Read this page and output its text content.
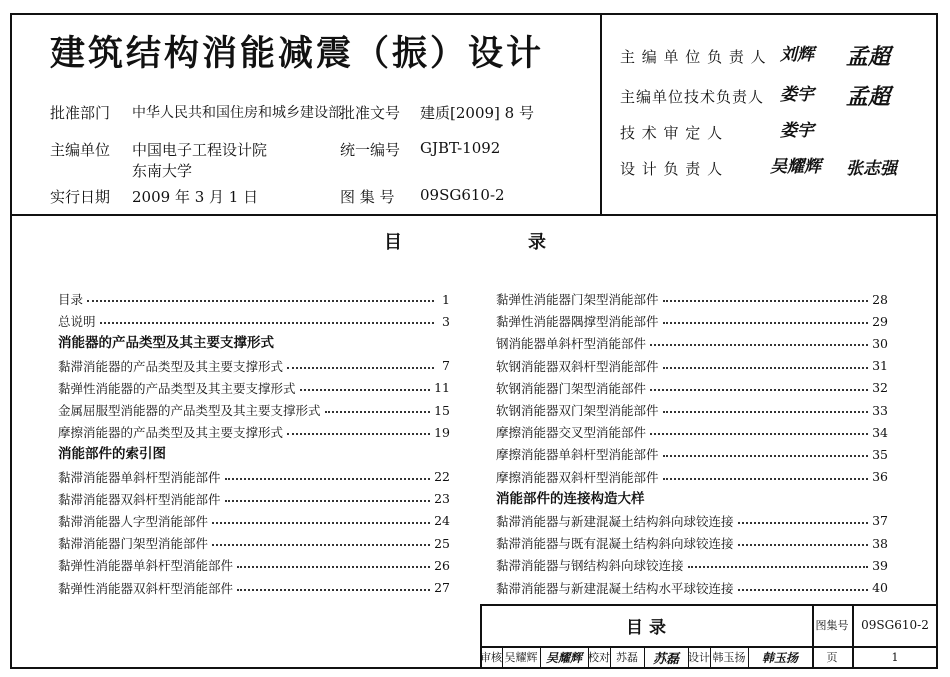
建筑结构消能减震（振）设计
批准部门 中华人民共和国住房和城乡建设部
批准文号 建质[2009] 8 号
主编单位 中国电子工程设计院
东南大学
统一编号 GJBT-1092
实行日期 2009 年 3 月 1 日	图 集 号 09SG610-2
主 编 单 位 负 责 人 刘辉 孟超
主编单位技术负责人 娄宇 孟超
技 术 审 定 人	娄宇
设 计 负 责 人	吴耀辉 张志强
目	录
目录	1
总说明	3
消能器的产品类型及其主要支撑形式
黏滞消能器的产品类型及其主要支撑形式	7
黏弹性消能器的产品类型及其主要支撑形式	11
金属屈服型消能器的产品类型及其主要支撑形式	15
摩擦消能器的产品类型及其主要支撑形式	19
消能部件的索引图
黏滞消能器单斜杆型消能部件	22
黏滞消能器双斜杆型消能部件	23
黏滞消能器人字型消能部件	24
黏滞消能器门架型消能部件	25
黏弹性消能器单斜杆型消能部件	26
黏弹性消能器双斜杆型消能部件	27
黏弹性消能器门架型消能部件	28
黏弹性消能器隅撑型消能部件	29
钢消能器单斜杆型消能部件	30
软钢消能器双斜杆型消能部件	31
软钢消能器门架型消能部件	32
软钢消能器双门架型消能部件	33
摩擦消能器交叉型消能部件	34
摩擦消能器单斜杆型消能部件	35
摩擦消能器双斜杆型消能部件	36
消能部件的连接构造大样
黏滞消能器与新建混凝土结构斜向球铰连接	37
黏滞消能器与既有混凝土结构斜向球铰连接	38
黏滞消能器与钢结构斜向球铰连接	39
黏滞消能器与新建混凝土结构水平球铰连接	40
目 录	图集号	09SG610-2
审核 吴耀辉 吴耀辉 校对 苏磊	苏磊 设计 韩玉扬	韩玉扬	页	1
